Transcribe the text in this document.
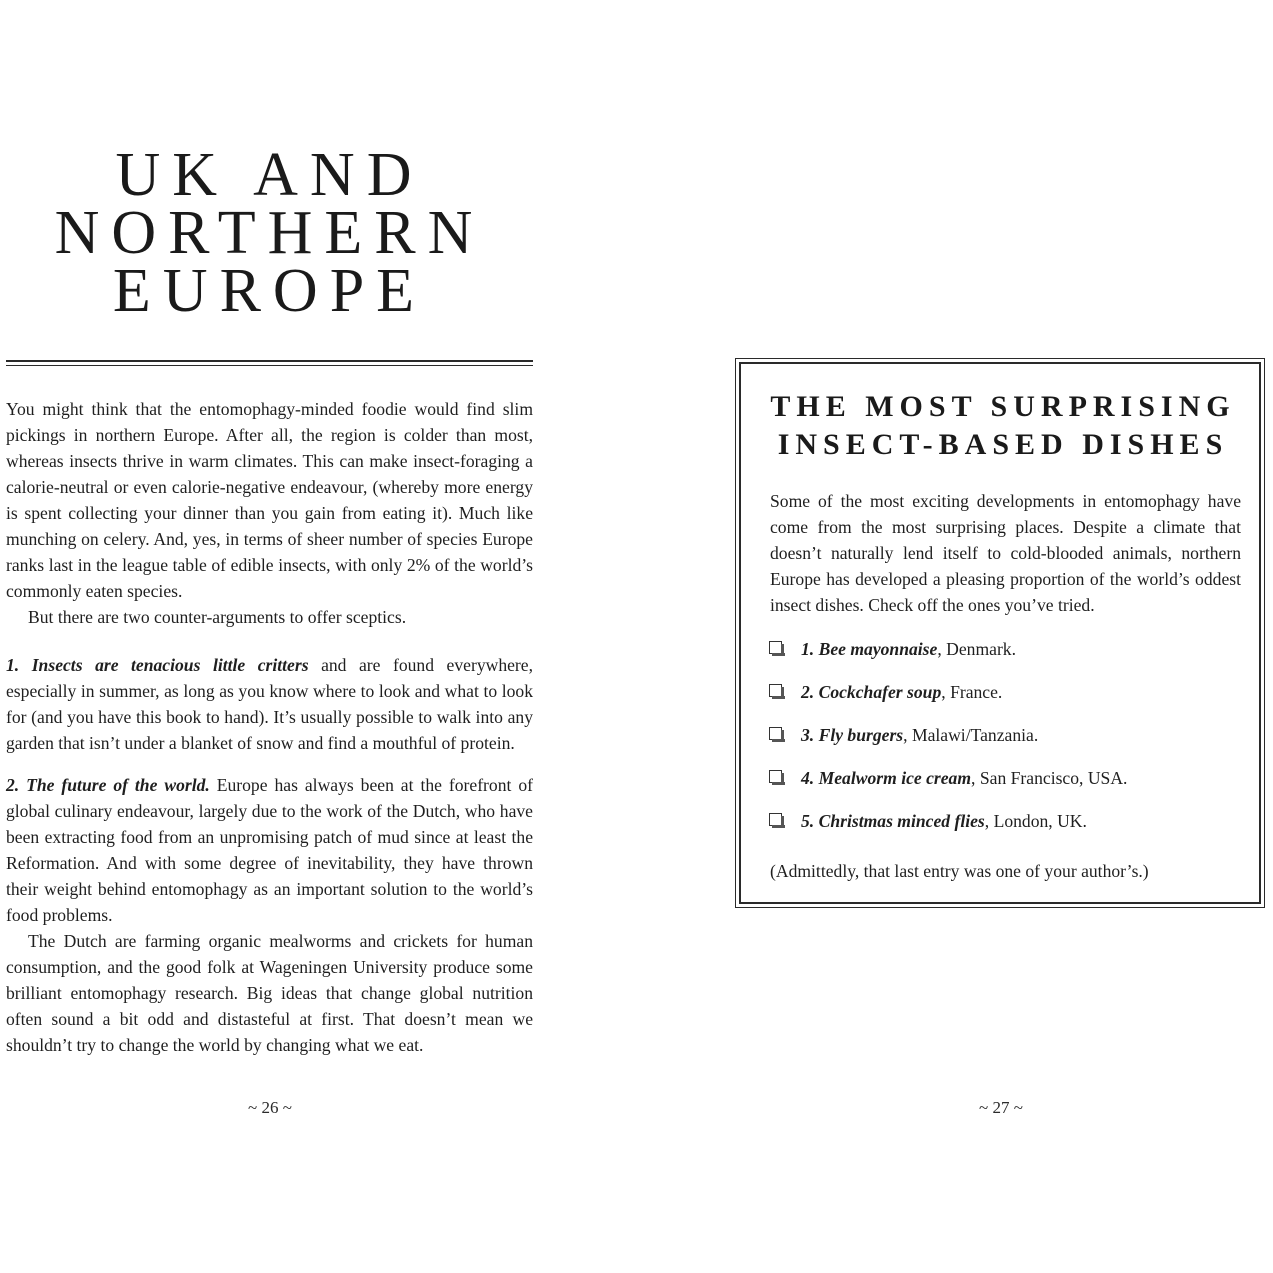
UK AND
NORTHERN
EUROPE

You might think that the entomophagy-minded foodie would find slim pickings in northern Europe. After all, the region is colder than most, whereas insects thrive in warm climates. This can make insect-foraging a calorie-neutral or even calorie-negative endeavour, (whereby more energy is spent collecting your dinner than you gain from eating it). Much like munching on celery. And, yes, in terms of sheer number of species Europe ranks last in the league table of edible insects, with only 2% of the world’s commonly eaten species.

But there are two counter-arguments to offer sceptics.

1. Insects are tenacious little critters and are found everywhere, especially in summer, as long as you know where to look and what to look for (and you have this book to hand). It’s usually possible to walk into any garden that isn’t under a blanket of snow and find a mouthful of protein.

2. The future of the world. Europe has always been at the forefront of global culinary endeavour, largely due to the work of the Dutch, who have been extracting food from an unpromising patch of mud since at least the Reformation. And with some degree of inevitability, they have thrown their weight behind entomophagy as an important solution to the world’s food problems.

The Dutch are farming organic mealworms and crickets for human consumption, and the good folk at Wageningen University produce some brilliant entomophagy research. Big ideas that change global nutrition often sound a bit odd and distasteful at first. That doesn’t mean we shouldn’t try to change the world by changing what we eat.

~ 26 ~
THE MOST SURPRISING
INSECT-BASED DISHES

Some of the most exciting developments in entomophagy have come from the most surprising places. Despite a climate that doesn’t naturally lend itself to cold-blooded animals, northern Europe has developed a pleasing proportion of the world’s oddest insect dishes. Check off the ones you’ve tried.

1. Bee mayonnaise, Denmark.
2. Cockchafer soup, France.
3. Fly burgers, Malawi/Tanzania.
4. Mealworm ice cream, San Francisco, USA.
5. Christmas minced flies, London, UK.

(Admittedly, that last entry was one of your author’s.)

~ 27 ~
